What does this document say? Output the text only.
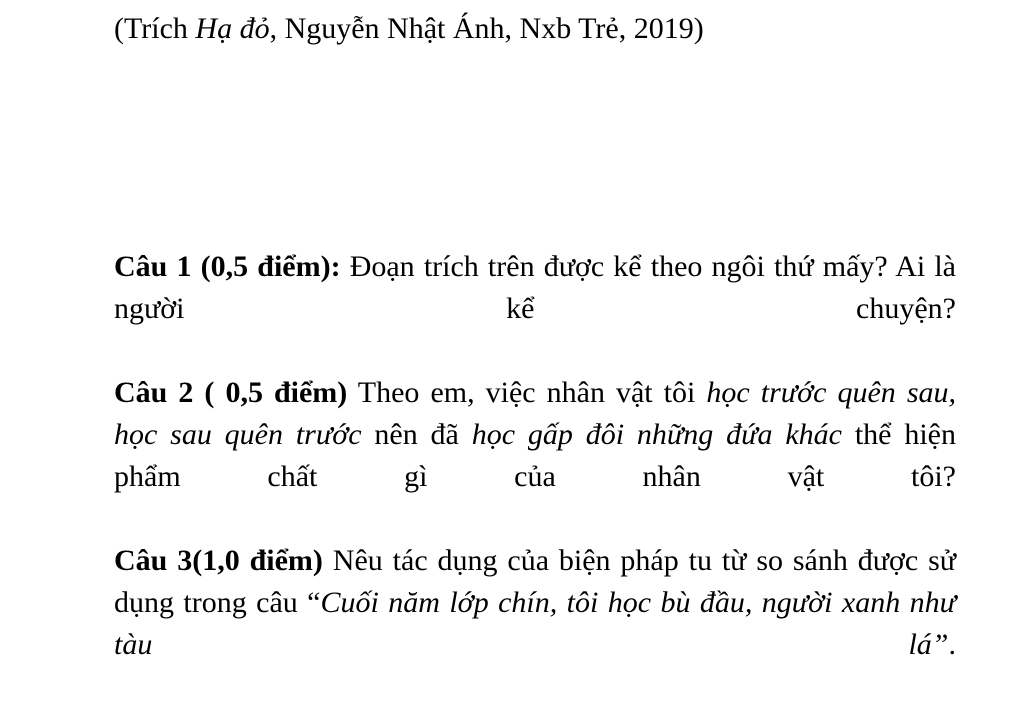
(Trích Hạ đỏ, Nguyễn Nhật Ánh, Nxb Trẻ, 2019)
Câu 1 (0,5 điểm): Đoạn trích trên được kể theo ngôi thứ mấy? Ai là người kể chuyện?
Câu 2 ( 0,5 điểm) Theo em, việc nhân vật tôi học trước quên sau, học sau quên trước nên đã học gấp đôi những đứa khác thể hiện phẩm chất gì của nhân vật tôi?
Câu 3(1,0 điểm) Nêu tác dụng của biện pháp tu từ so sánh được sử dụng trong câu “Cuối năm lớp chín, tôi học bù đầu, người xanh như tàu lá”.
